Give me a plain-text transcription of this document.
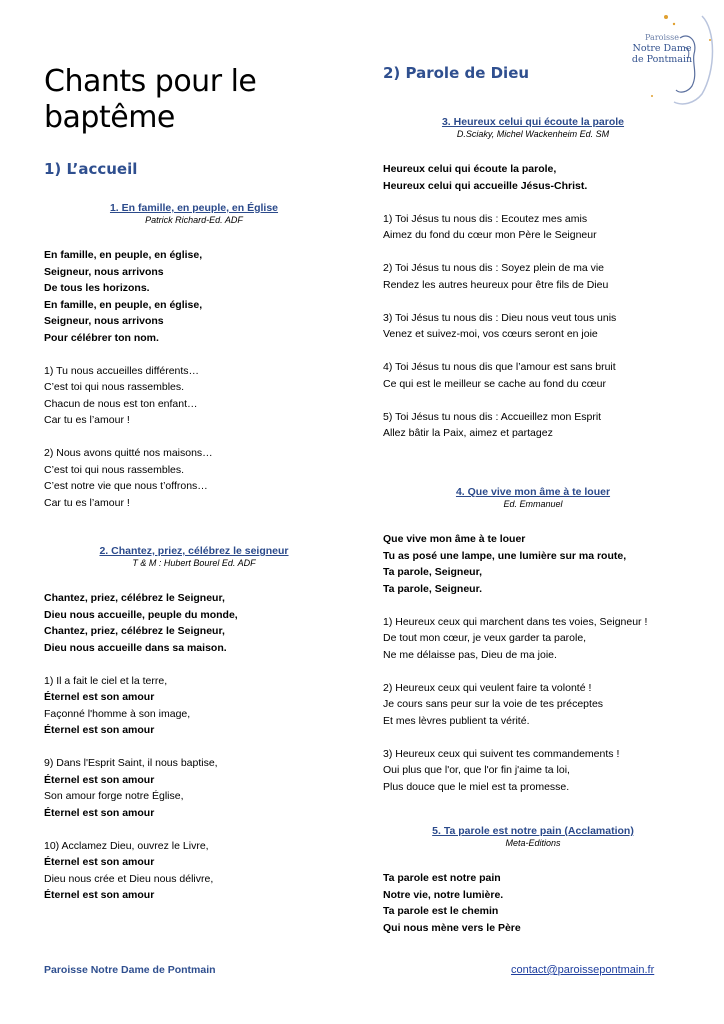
Paroisse
Notre Dame
de Pontmain
Chants pour le
baptême
1) L’accueil
2) Parole de Dieu

1. En famille, en peuple, en Église

Patrick Richard-Ed. ADF

En famille, en peuple, en église,

Seigneur, nous arrivons

De tous les horizons.

En famille, en peuple, en église,

Seigneur, nous arrivons

Pour célébrer ton nom.

1) Tu nous accueilles différents…

C’est toi qui nous rassembles.

Chacun de nous est ton enfant…

Car tu es l’amour !

2) Nous avons quitté nos maisons…

C’est toi qui nous rassembles.

C’est notre vie que nous t’offrons…

Car tu es l’amour !

2. Chantez, priez, célébrez le seigneur

T & M : Hubert Bourel Ed. ADF

Chantez, priez, célébrez le Seigneur,

Dieu nous accueille, peuple du monde,

Chantez, priez, célébrez le Seigneur,

Dieu nous accueille dans sa maison.

1) Il a fait le ciel et la terre,

Éternel est son amour

Façonné l'homme à son image,

Éternel est son amour

9) Dans l'Esprit Saint, il nous baptise,

Éternel est son amour

Son amour forge notre Église,

Éternel est son amour

10) Acclamez Dieu, ouvrez le Livre,

Éternel est son amour

Dieu nous crée et Dieu nous délivre,

Éternel est son amour

3. Heureux celui qui écoute la parole

D.Sciaky, Michel Wackenheim Ed. SM

Heureux celui qui écoute la parole,

Heureux celui qui accueille Jésus-Christ.

1) Toi Jésus tu nous dis : Ecoutez mes amis

Aimez du fond du cœur mon Père le Seigneur

2) Toi Jésus tu nous dis : Soyez plein de ma vie

Rendez les autres heureux pour être fils de Dieu

3) Toi Jésus tu nous dis : Dieu nous veut tous unis

Venez et suivez-moi, vos cœurs seront en joie

4) Toi Jésus tu nous dis que l’amour est sans bruit

Ce qui est le meilleur se cache au fond du cœur

5) Toi Jésus tu nous dis : Accueillez mon Esprit

Allez bâtir la Paix, aimez et partagez

4. Que vive mon âme à te louer

Ed. Emmanuel

Que vive mon âme à te louer

Tu as posé une lampe, une lumière sur ma route,

Ta parole, Seigneur,

Ta parole, Seigneur.

1) Heureux ceux qui marchent dans tes voies, Seigneur !

De tout mon cœur, je veux garder ta parole,

Ne me délaisse pas, Dieu de ma joie.

2) Heureux ceux qui veulent faire ta volonté !

Je cours sans peur sur la voie de tes préceptes

Et mes lèvres publient ta vérité.

3) Heureux ceux qui suivent tes commandements !

Oui plus que l'or, que l'or fin j'aime ta loi,

Plus douce que le miel est ta promesse.

5. Ta parole est notre pain (Acclamation)

Meta-Editions

Ta parole est notre pain

Notre vie, notre lumière.

Ta parole est le chemin

Qui nous mène vers le Père

Paroisse Notre Dame de Pontmain	contact@paroissepontmain.fr
